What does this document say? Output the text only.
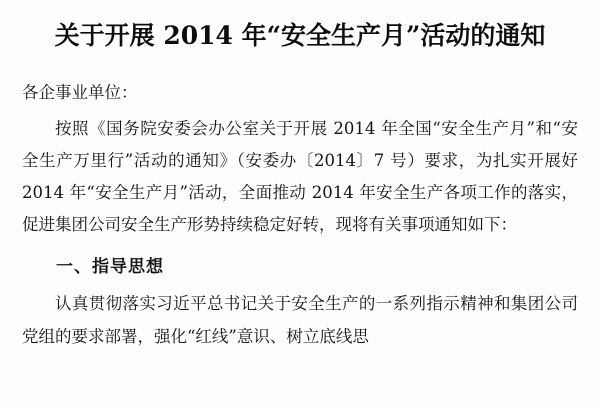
关于开展 2014 年“安全生产月”活动的通知

各企事业单位：

按照《国务院安委会办公室关于开展 2014 年全国“安全生产月”和“安全生产万里行”活动的通知》（安委办〔2014〕7 号）要求，为扎实开展好 2014 年“安全生产月”活动，全面推动 2014 年安全生产各项工作的落实，促进集团公司安全生产形势持续稳定好转，现将有关事项通知如下：

一、指导思想

认真贯彻落实习近平总书记关于安全生产的一系列指示精神和集团公司党组的要求部署，强化“红线”意识、树立底线思
